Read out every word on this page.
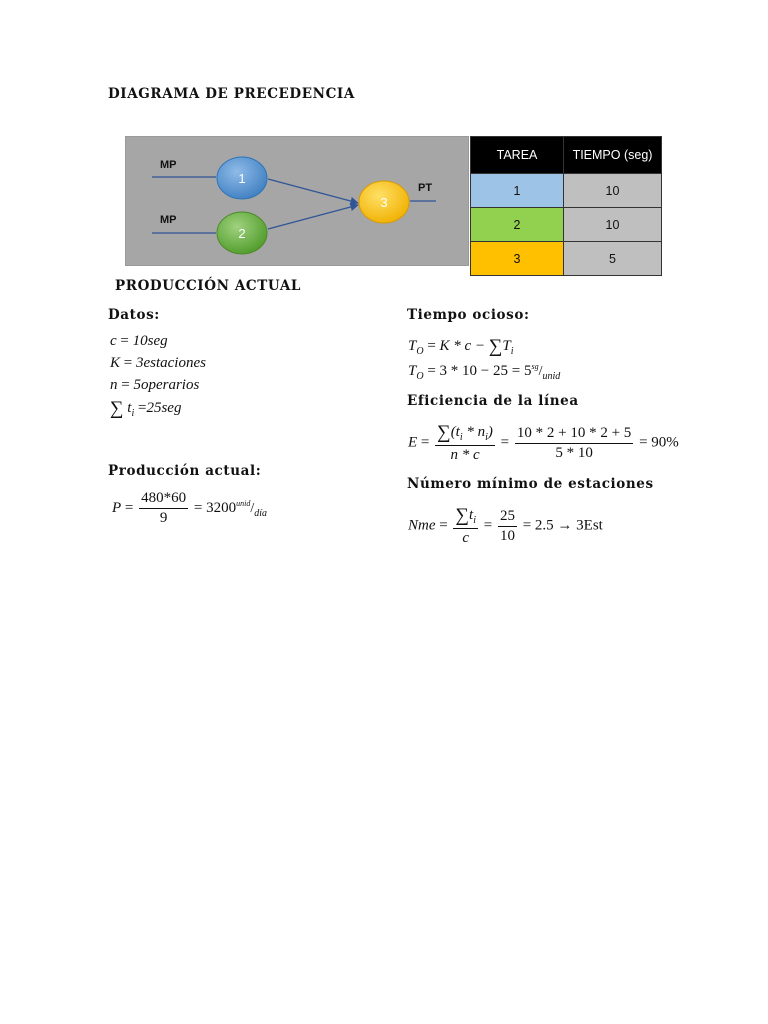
DIAGRAMA DE PRECEDENCIA
MP
MP
PT
1
2
3
TAREA	TIEMPO (seg)
1	10
2	10
3	5
PRODUCCIÓN ACTUAL
Datos:
c = 10seg
K = 3estaciones
n = 5operarios
∑ $t_i =25seg$
Producción actual:
$P = \frac{480*60}{9} = 3200^{unid}/_{día}$
Tiempo ocioso:
$T_O = K * c - \sum T_i$
$T_O = 3 * 10 - 25 = 5^{sg}/_{unid}$
Eficiencia de la línea
$E = \frac{\sum(t_i * n_i)}{n * c} = \frac{10 * 2 + 10 * 2 + 5}{5 * 10} = 90\%$
Número mínimo de estaciones
Nme = $\frac{\sum t_i}{c} = \frac{25}{10} = 2.5 \to 3Est$
